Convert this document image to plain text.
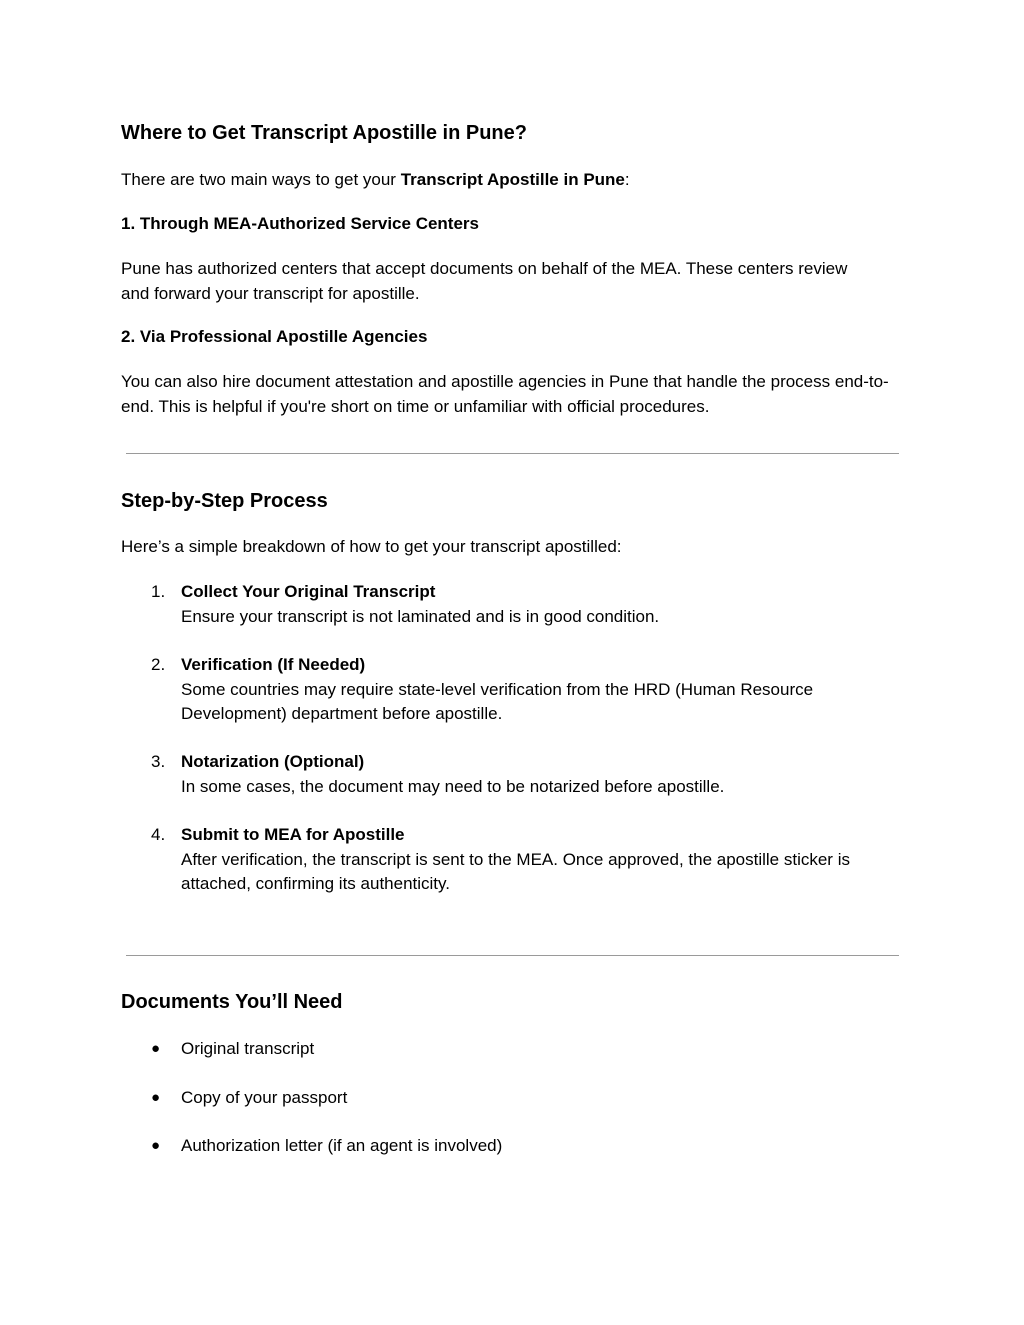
Where to Get Transcript Apostille in Pune?

There are two main ways to get your Transcript Apostille in Pune:

1. Through MEA-Authorized Service Centers

Pune has authorized centers that accept documents on behalf of the MEA. These centers review and forward your transcript for apostille.

2. Via Professional Apostille Agencies

You can also hire document attestation and apostille agencies in Pune that handle the process end-to-end. This is helpful if you're short on time or unfamiliar with official procedures.

Step-by-Step Process

Here’s a simple breakdown of how to get your transcript apostilled:

1. Collect Your Original Transcript
Ensure your transcript is not laminated and is in good condition.
2. Verification (If Needed)
Some countries may require state-level verification from the HRD (Human Resource Development) department before apostille.
3. Notarization (Optional)
In some cases, the document may need to be notarized before apostille.
4. Submit to MEA for Apostille
After verification, the transcript is sent to the MEA. Once approved, the apostille sticker is attached, confirming its authenticity.
Documents You’ll Need
● Original transcript
● Copy of your passport
● Authorization letter (if an agent is involved)
